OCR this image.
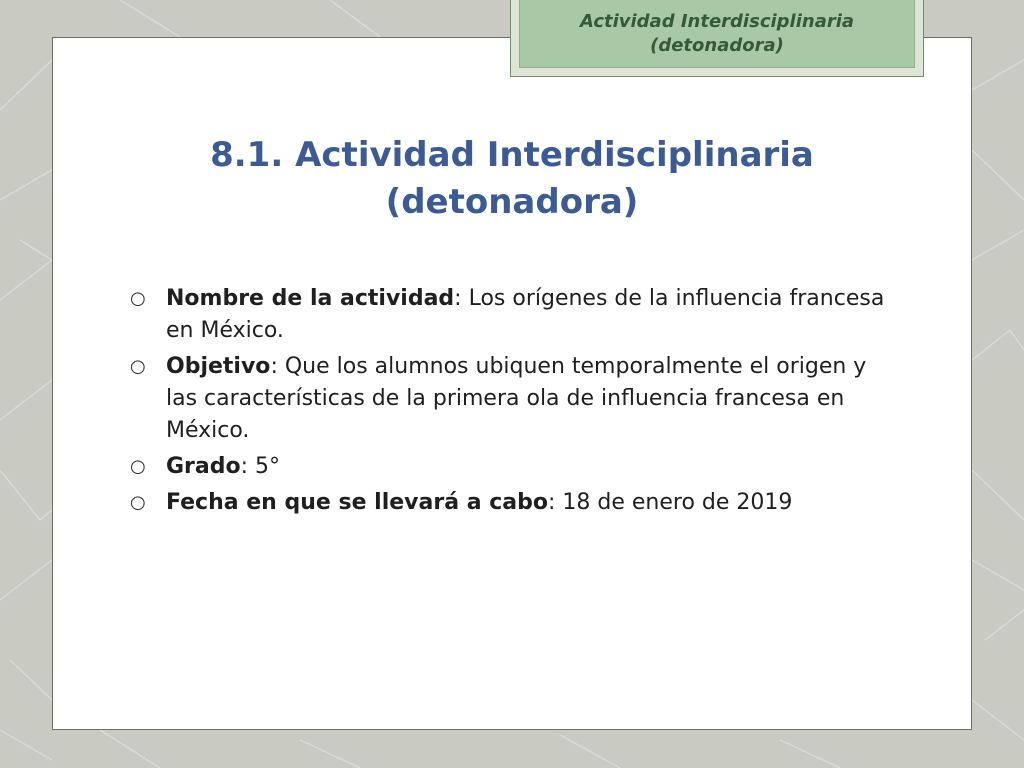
Actividad Interdisciplinaria
(detonadora)
8.1. Actividad Interdisciplinaria
(detonadora)
○ Nombre de la actividad: Los orígenes de la influencia francesa en México.
○ Objetivo: Que los alumnos ubiquen temporalmente el origen y las características de la primera ola de influencia francesa en México.
○ Grado: 5°
○ Fecha en que se llevará a cabo: 18 de enero de 2019
